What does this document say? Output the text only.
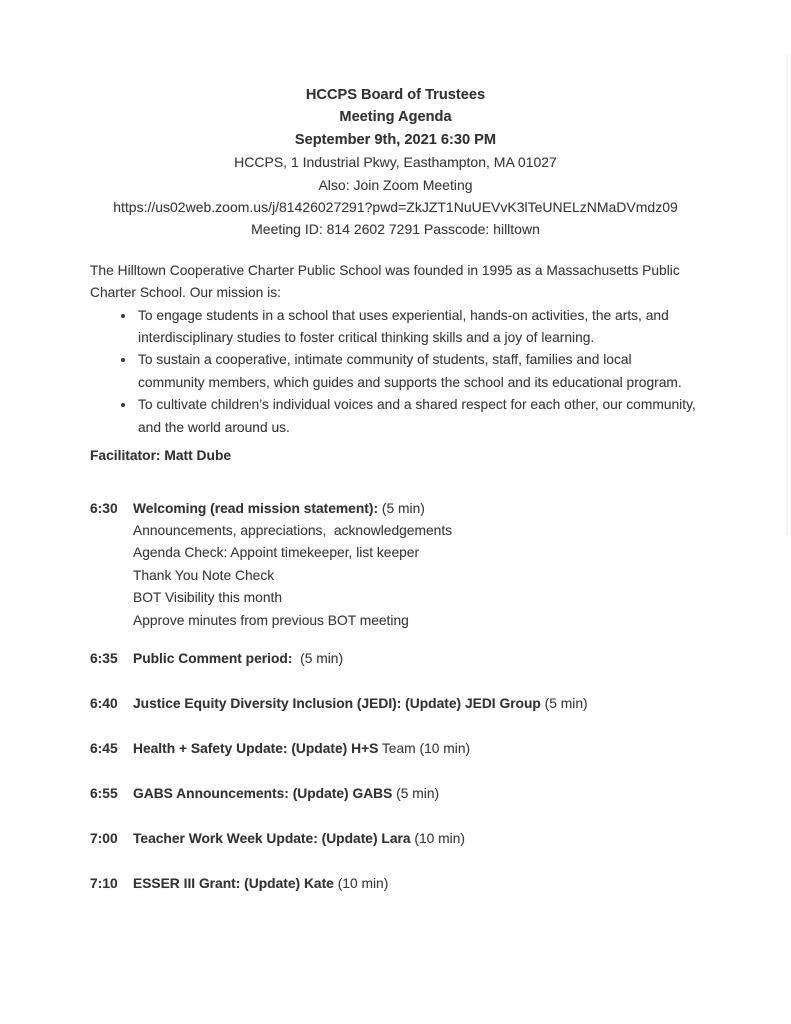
HCCPS Board of Trustees
Meeting Agenda
September 9th, 2021 6:30 PM
HCCPS, 1 Industrial Pkwy, Easthampton, MA 01027
Also: Join Zoom Meeting
https://us02web.zoom.us/j/81426027291?pwd=ZkJZT1NuUEVvK3lTeUNELzNMaDVmdz09
Meeting ID: 814 2602 7291 Passcode: hilltown
The Hilltown Cooperative Charter Public School was founded in 1995 as a Massachusetts Public Charter School. Our mission is:
• To engage students in a school that uses experiential, hands-on activities, the arts, and interdisciplinary studies to foster critical thinking skills and a joy of learning.
• To sustain a cooperative, intimate community of students, staff, families and local community members, which guides and supports the school and its educational program.
• To cultivate children’s individual voices and a shared respect for each other, our community, and the world around us.
Facilitator: Matt Dube
6:30	Welcoming (read mission statement): (5 min)
Announcements, appreciations,  acknowledgements
Agenda Check: Appoint timekeeper, list keeper
Thank You Note Check
BOT Visibility this month
Approve minutes from previous BOT meeting
6:35	Public Comment period:  (5 min)
6:40	Justice Equity Diversity Inclusion (JEDI): (Update) JEDI Group (5 min)
6:45	Health + Safety Update: (Update) H+S Team (10 min)
6:55	GABS Announcements: (Update) GABS (5 min)
7:00	Teacher Work Week Update: (Update) Lara (10 min)
7:10	ESSER III Grant: (Update) Kate (10 min)
